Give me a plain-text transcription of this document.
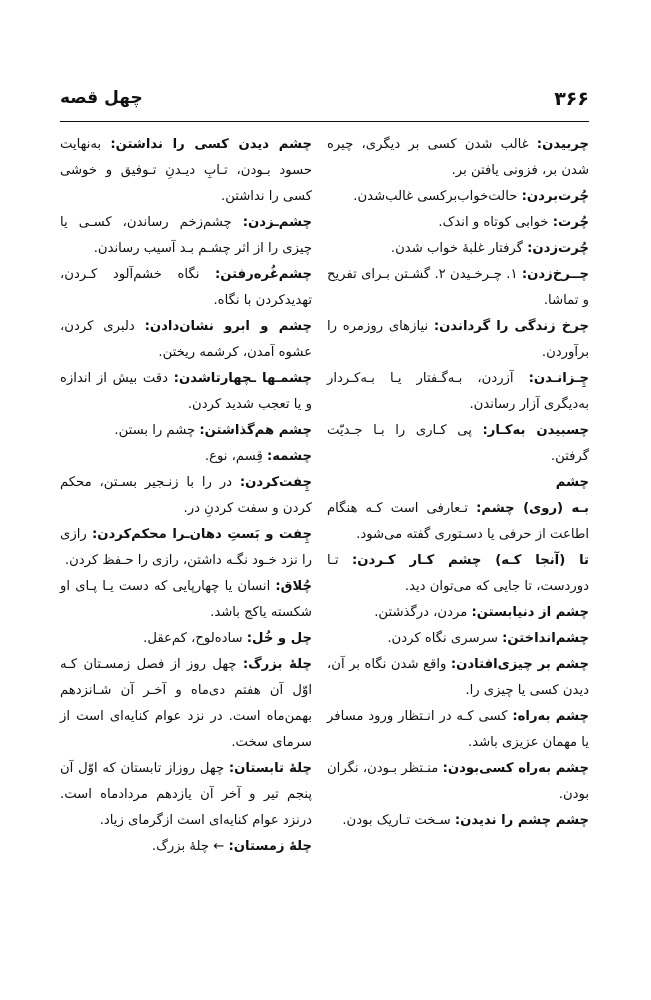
چهل قصه	۳۶۶

چربیدن: غالب شدن کسی بر دیگری، چیره شدن بر، فزونی یافتن بر.

چُرت‌بردن: حالت‌خواب‌برکسی غالب‌شدن.

چُرت: خوابی کوتاه و اندک.

چُرت‌زدن: گرفتار غلبهٔ خواب شدن.

چــرخ‌زدن: ۱. چـرخـیدن ۲. گشـتن بـرای تفریح و تماشا.

چرخ زندگی را گرداندن: نیازهای روزمره را برآوردن.

چِـزانـدن: آزردن، بـه‌گـفتار یـا بـه‌کـردار به‌دیگری آزار رساندن.

چسبیدن به‌کـار: پی کـاری را بـا جـدیّت گرفتن.

چشم

بـه (روی) چشم: تـعارفی است کـه هنگام اطاعت از حرفی یا دسـتوری گفته می‌شود.

تا (آنجا کـه) چشم کـار کـردن: تـا دوردست، تا جایی که می‌توان دید.

چشم از دنیابستن: مردن، درگذشتن.

چشم‌انداختن: سرسری نگاه کردن.

چشم بر چیزی‌افتادن: واقع شدن نگاه بر آن، دیدن کسی یا چیزی را.

چشم به‌راه: کسی کـه در انـتظار ورود مسافر یا مهمان عزیزی باشد.

چشم به‌راه کسی‌بودن: منـتظر بـودن، نگران بودن.

چشم چشم را ندیدن: سـخت تـاریک بودن.

چشم دیدن کسی را نداشتن: به‌نهایت حسود بـودن، تـابِ دیـدنِ تـوفیق و خوشی کسی را نداشتن.

چشم‌ـزدن: چشم‌زخم رساندن، کسـی یا چیزی را از اثر چشـم بـد آسیب رساندن.

چشم‌غُره‌رفتن: نگاه خشم‌آلود کـردن، تهدیدکردن با نگاه.

چشم و ابرو نشان‌دادن: دلبری کردن، عشوه آمدن، کرشمه ریختن.

چشمـها ـچهارتاشدن: دقت بیش از اندازه و یا تعجب شدید کردن.

چشم هم‌گذاشتن: چشم را بستن.

چشمه: قِسم، نوع.

چِفت‌کردن: در را با زنـجیر بسـتن، محکم کردن و سفت کردنِ در.

چِفت و بَستِ دهان‌ـرا محکم‌کردن: رازی را نزد خـود نگـه داشتن، رازی را حـفظ کردن.

چُلاق: انسان یا چهارپایی که دست یـا پـای او شکسته یاکج باشد.

چل و خُل: ساده‌لوح، کم‌عقل.

چلهٔ بزرگ: چهل روز از فصل زمسـتان کـه اوّل آن هفتم دی‌ماه و آخـر آن شـانزدهم بهمن‌ماه است. در نزد عوام کنایه‌ای است از سرمای سخت.

چلهٔ تابستان: چهل روزاز تابستان که اوّل آن پنجم تیر و آخر آن یازدهم مردادماه است. درنزد عوام کنایه‌ای است ازگرمای زیاد.

چلهٔ زمستان: ← چلهٔ بزرگ.
